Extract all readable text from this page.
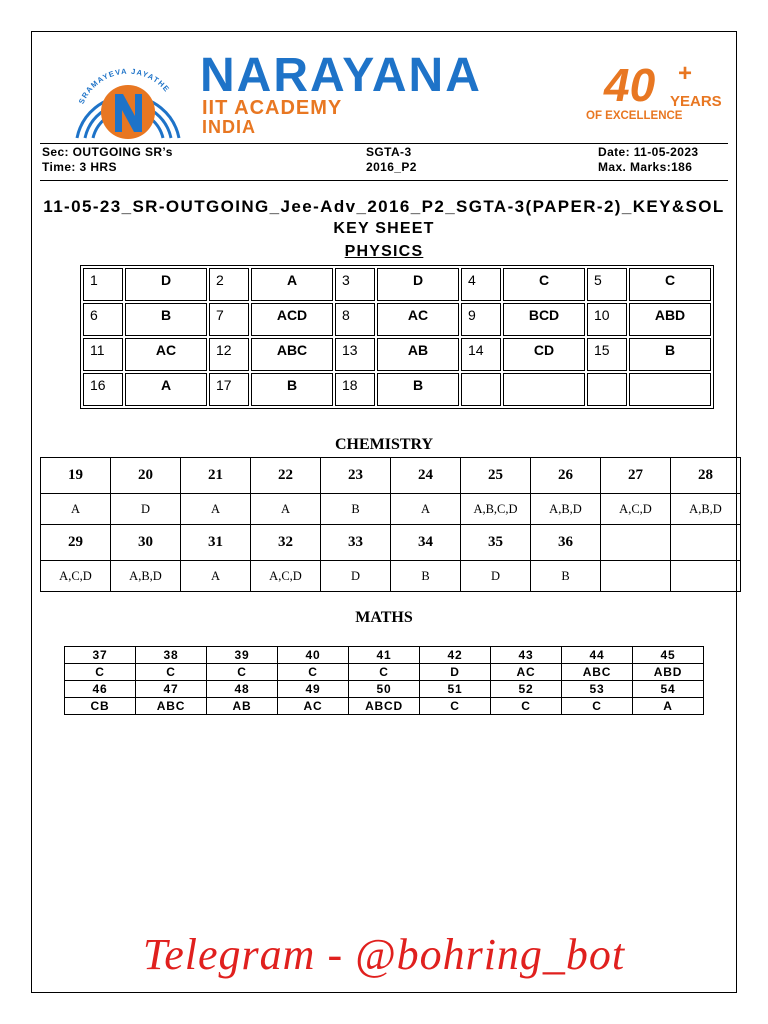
SRAMAYEVA JAYATHE NARAYANA
IIT ACADEMY
INDIA
40 +
YEARS
OF EXCELLENCE
Sec: OUTGOING SR’s
Time: 3 HRS
SGTA-3
2016_P2
Date: 11-05-2023
Max. Marks:186
11-05-23_SR-OUTGOING_Jee-Adv_2016_P2_SGTA-3(PAPER-2)_KEY&SOL
KEY SHEET
PHYSICS
1	D	2	A	3	D	4	C	5	C
6	B	7	ACD	8	AC	9	BCD	10	ABD
11	AC	12	ABC	13	AB	14	CD	15	B
16	A	17	B	18	B				
CHEMISTRY
19	20	21	22	23	24	25	26	27	28
A	D	A	A	B	A	A,B,C,D	A,B,D	A,C,D	A,B,D
29	30	31	32	33	34	35	36		
A,C,D	A,B,D	A	A,C,D	D	B	D	B		
MATHS
37	38	39	40	41	42	43	44	45
C	C	C	C	C	D	AC	ABC	ABD
46	47	48	49	50	51	52	53	54
CB	ABC	AB	AC	ABCD	C	C	C	A
Telegram - @bohring_bot
